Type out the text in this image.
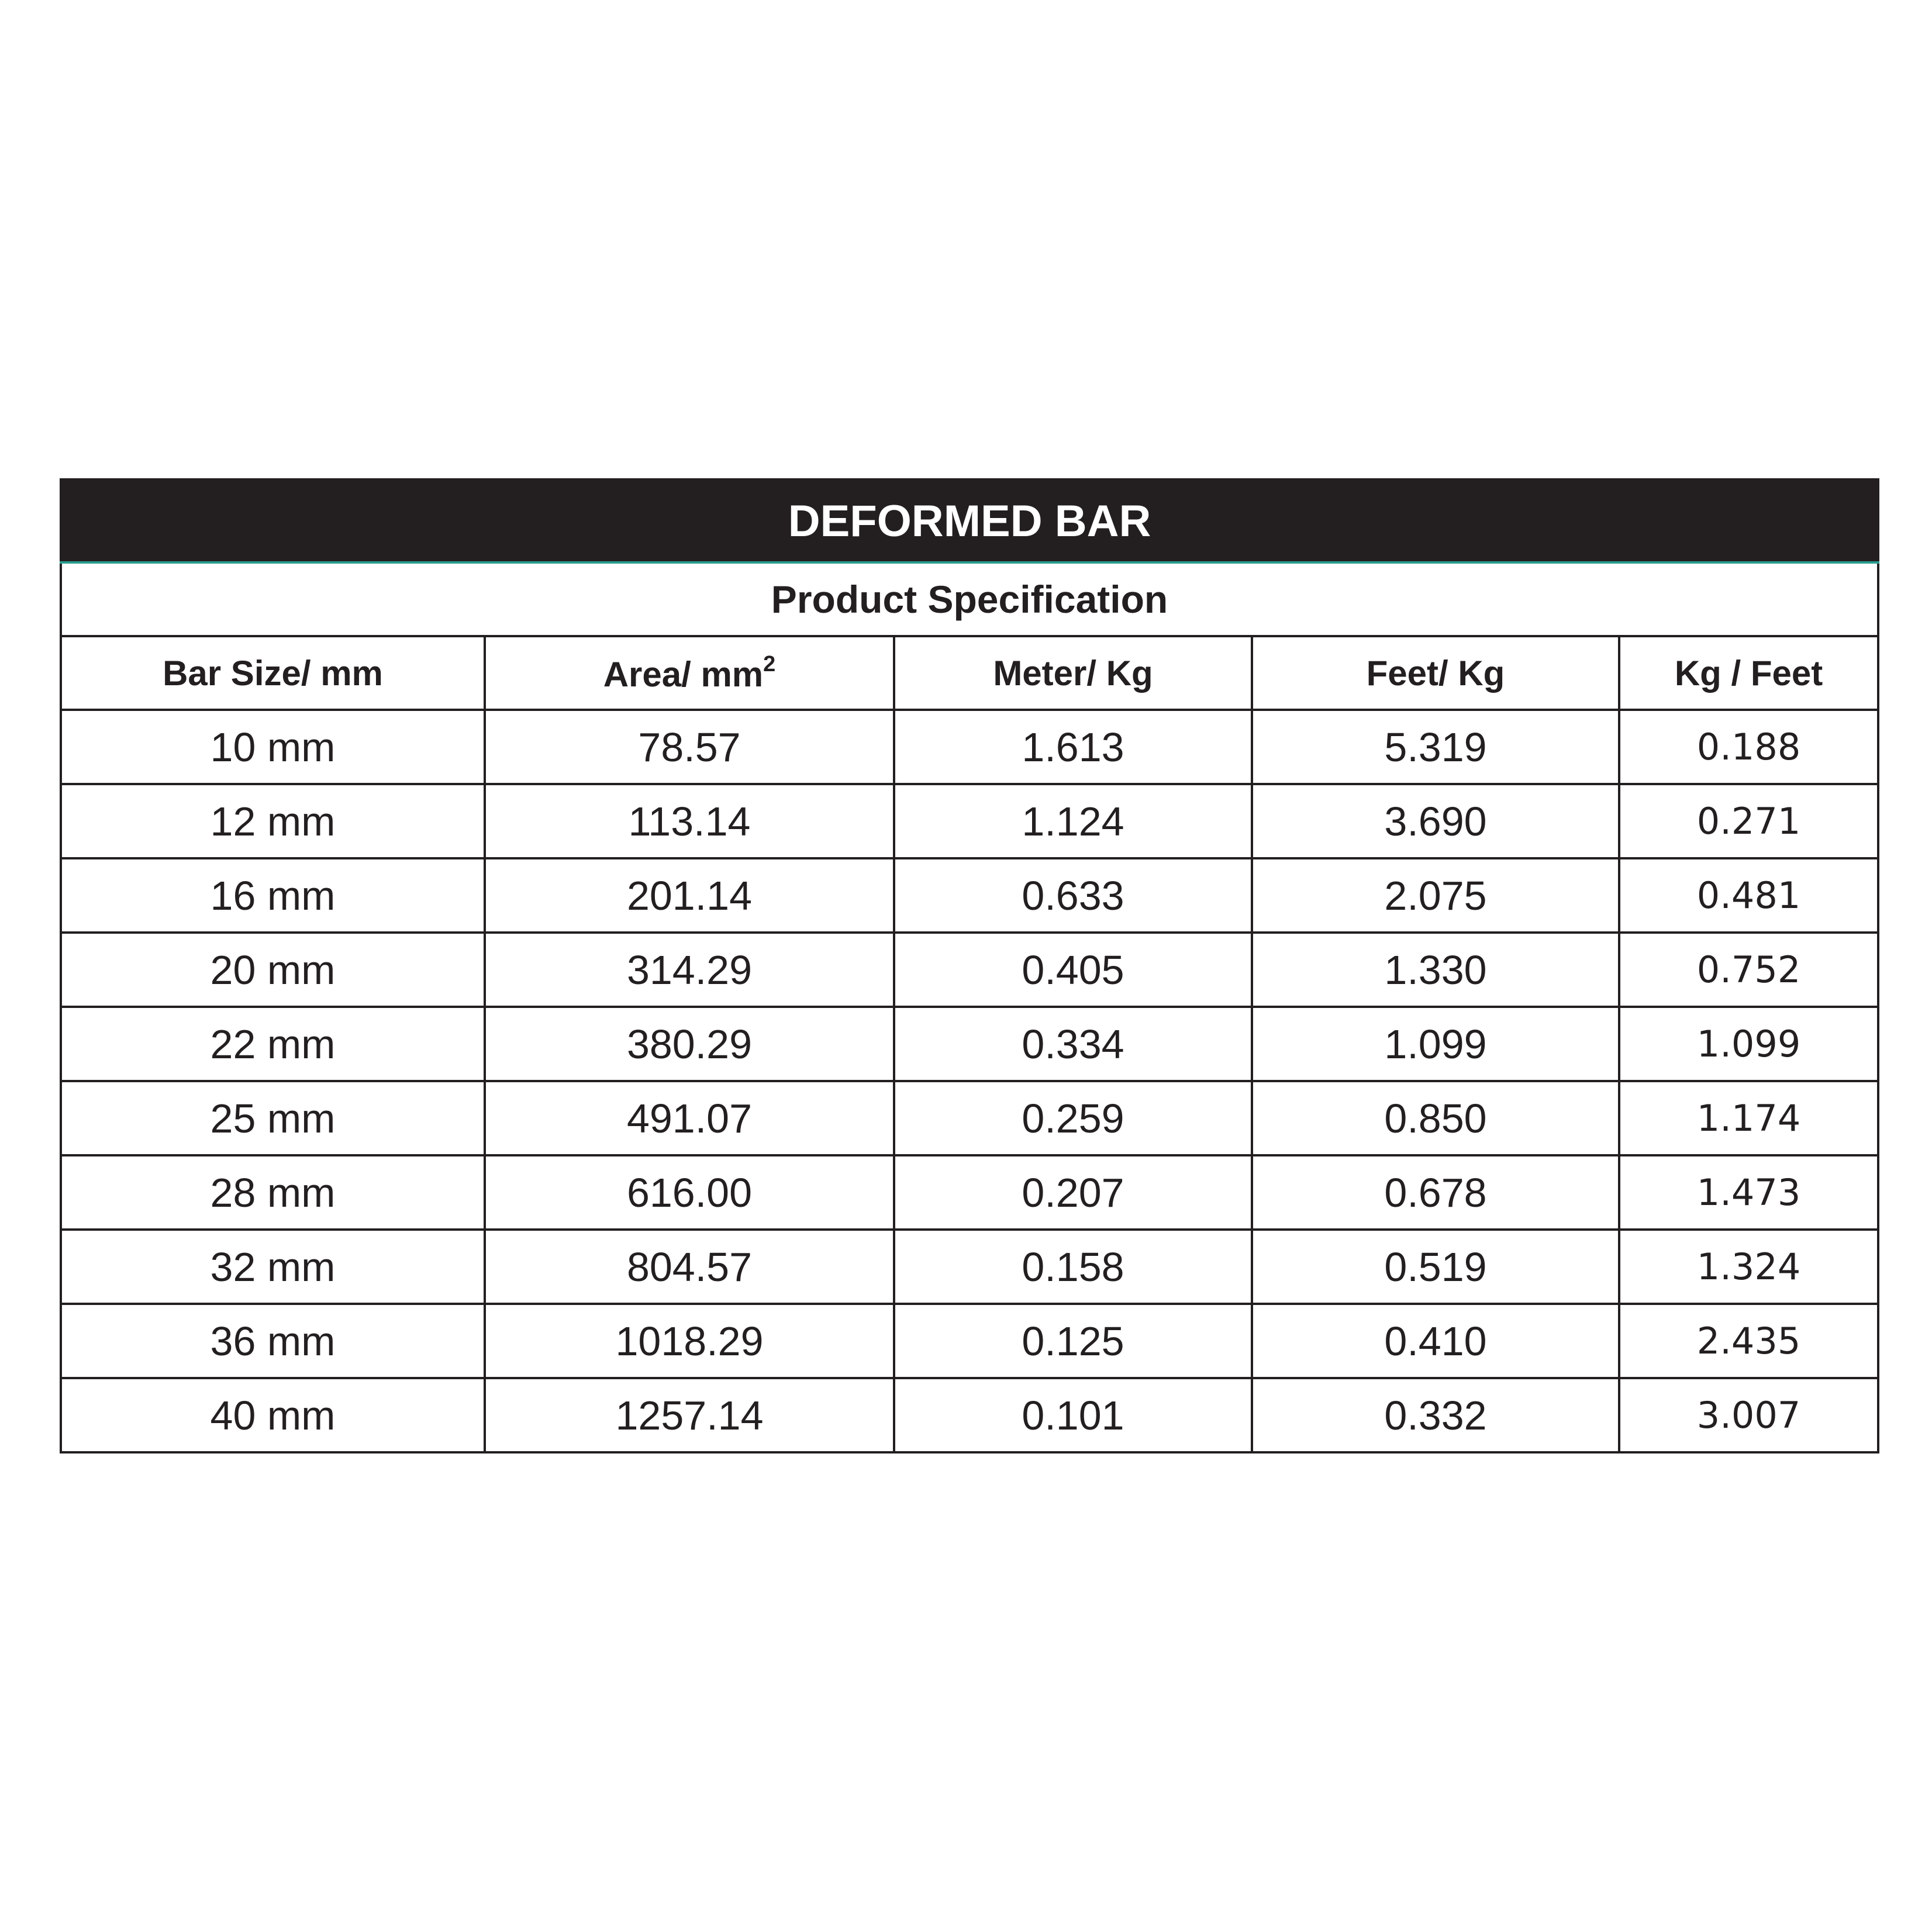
DEFORMED BAR				
Product Specification				
Bar Size/ mm	Area/ $mm^2$	Meter/ Kg	Feet/ Kg	Kg / Feet
10 mm	78.57	1.613	5.319	0.188
12 mm	113.14	1.124	3.690	0.271
16 mm	201.14	0.633	2.075	0.481
20 mm	314.29	0.405	1.330	0.752
22 mm	380.29	0.334	1.099	1.099
25 mm	491.07	0.259	0.850	1.174
28 mm	616.00	0.207	0.678	1.473
32 mm	804.57	0.158	0.519	1.324
36 mm	1018.29	0.125	0.410	2.435
40 mm	1257.14	0.101	0.332	3.007
